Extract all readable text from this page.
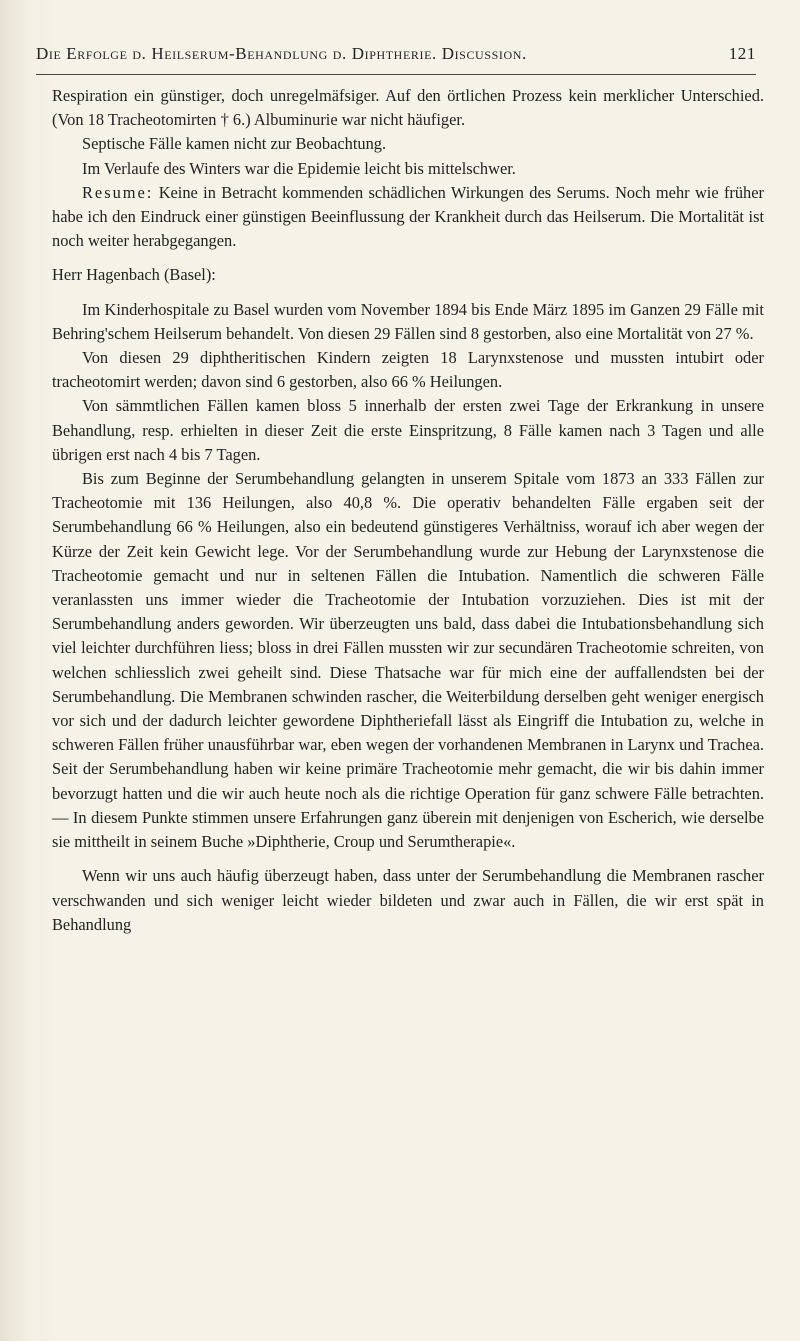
Die Erfolge d. Heilserum-Behandlung d. Diphtherie. Discussion.	121

Respiration ein günstiger, doch unregelmäfsiger. Auf den örtlichen Prozess kein merklicher Unterschied. (Von 18 Tracheotomirten † 6.) Albuminurie war nicht häufiger.

Septische Fälle kamen nicht zur Beobachtung.

Im Verlaufe des Winters war die Epidemie leicht bis mittelschwer.

Resume: Keine in Betracht kommenden schädlichen Wirkungen des Serums. Noch mehr wie früher habe ich den Eindruck einer günstigen Beeinflussung der Krankheit durch das Heilserum. Die Mortalität ist noch weiter herabgegangen.

Herr Hagenbach (Basel):

Im Kinderhospitale zu Basel wurden vom November 1894 bis Ende März 1895 im Ganzen 29 Fälle mit Behring'schem Heilserum behandelt. Von diesen 29 Fällen sind 8 gestorben, also eine Mortalität von 27 %.

Von diesen 29 diphtheritischen Kindern zeigten 18 Larynxstenose und mussten intubirt oder tracheotomirt werden; davon sind 6 gestorben, also 66 % Heilungen.

Von sämmtlichen Fällen kamen bloss 5 innerhalb der ersten zwei Tage der Erkrankung in unsere Behandlung, resp. erhielten in dieser Zeit die erste Einspritzung, 8 Fälle kamen nach 3 Tagen und alle übrigen erst nach 4 bis 7 Tagen.

Bis zum Beginne der Serumbehandlung gelangten in unserem Spitale vom 1873 an 333 Fällen zur Tracheotomie mit 136 Heilungen, also 40,8 %. Die operativ behandelten Fälle ergaben seit der Serumbehandlung 66 % Heilungen, also ein bedeutend günstigeres Verhältniss, worauf ich aber wegen der Kürze der Zeit kein Gewicht lege. Vor der Serumbehandlung wurde zur Hebung der Larynxstenose die Tracheotomie gemacht und nur in seltenen Fällen die Intubation. Namentlich die schweren Fälle veranlassten uns immer wieder die Tracheotomie der Intubation vorzuziehen. Dies ist mit der Serumbehandlung anders geworden. Wir überzeugten uns bald, dass dabei die Intubationsbehandlung sich viel leichter durchführen liess; bloss in drei Fällen mussten wir zur secundären Tracheotomie schreiten, von welchen schliesslich zwei geheilt sind. Diese Thatsache war für mich eine der auffallendsten bei der Serumbehandlung. Die Membranen schwinden rascher, die Weiterbildung derselben geht weniger energisch vor sich und der dadurch leichter gewordene Diphtheriefall lässt als Eingriff die Intubation zu, welche in schweren Fällen früher unausführbar war, eben wegen der vorhandenen Membranen in Larynx und Trachea. Seit der Serumbehandlung haben wir keine primäre Tracheotomie mehr gemacht, die wir bis dahin immer bevorzugt hatten und die wir auch heute noch als die richtige Operation für ganz schwere Fälle betrachten. — In diesem Punkte stimmen unsere Erfahrungen ganz überein mit denjenigen von Escherich, wie derselbe sie mittheilt in seinem Buche »Diphtherie, Croup und Serumtherapie«.

Wenn wir uns auch häufig überzeugt haben, dass unter der Serumbehandlung die Membranen rascher verschwanden und sich weniger leicht wieder bildeten und zwar auch in Fällen, die wir erst spät in Behandlung
